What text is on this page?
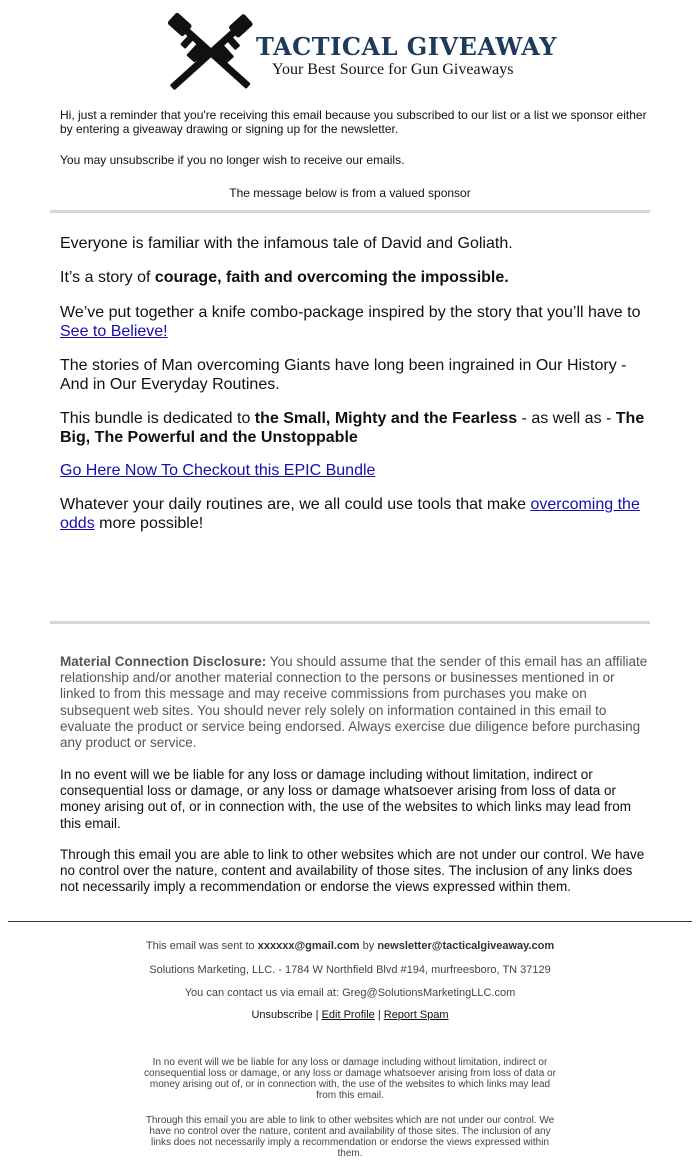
TACTICAL GIVEAWAY
Your Best Source for Gun Giveaways
Hi, just a reminder that you're receiving this email because you subscribed to our list or a list we sponsor either by entering a giveaway drawing or signing up for the newsletter.
You may unsubscribe if you no longer wish to receive our emails.
The message below is from a valued sponsor

Everyone is familiar with the infamous tale of David and Goliath.

It’s a story of courage, faith and overcoming the impossible.

We’ve put together a knife combo-package inspired by the story that you’ll have to See to Believe!

The stories of Man overcoming Giants have long been ingrained in Our History - And in Our Everyday Routines.

This bundle is dedicated to the Small, Mighty and the Fearless - as well as - The Big, The Powerful and the Unstoppable

Go Here Now To Checkout this EPIC Bundle

Whatever your daily routines are, we all could use tools that make overcoming the odds more possible!

Material Connection Disclosure: You should assume that the sender of this email has an affiliate relationship and/or another material connection to the persons or businesses mentioned in or linked to from this message and may receive commissions from purchases you make on subsequent web sites. You should never rely solely on information contained in this email to evaluate the product or service being endorsed. Always exercise due diligence before purchasing any product or service.

In no event will we be liable for any loss or damage including without limitation, indirect or consequential loss or damage, or any loss or damage whatsoever arising from loss of data or money arising out of, or in connection with, the use of the websites to which links may lead from this email.

Through this email you are able to link to other websites which are not under our control. We have no control over the nature, content and availability of those sites. The inclusion of any links does not necessarily imply a recommendation or endorse the views expressed within them.

This email was sent to xxxxxx@gmail.com by newsletter@tacticalgiveaway.com
Solutions Marketing, LLC. - 1784 W Northfield Blvd #194, murfreesboro, TN 37129
You can contact us via email at: Greg@SolutionsMarketingLLC.com
Unsubscribe | Edit Profile | Report Spam
In no event will we be liable for any loss or damage including without limitation, indirect or consequential loss or damage, or any loss or damage whatsoever arising from loss of data or money arising out of, or in connection with, the use of the websites to which links may lead from this email.
Through this email you are able to link to other websites which are not under our control. We have no control over the nature, content and availability of those sites. The inclusion of any links does not necessarily imply a recommendation or endorse the views expressed within them.
